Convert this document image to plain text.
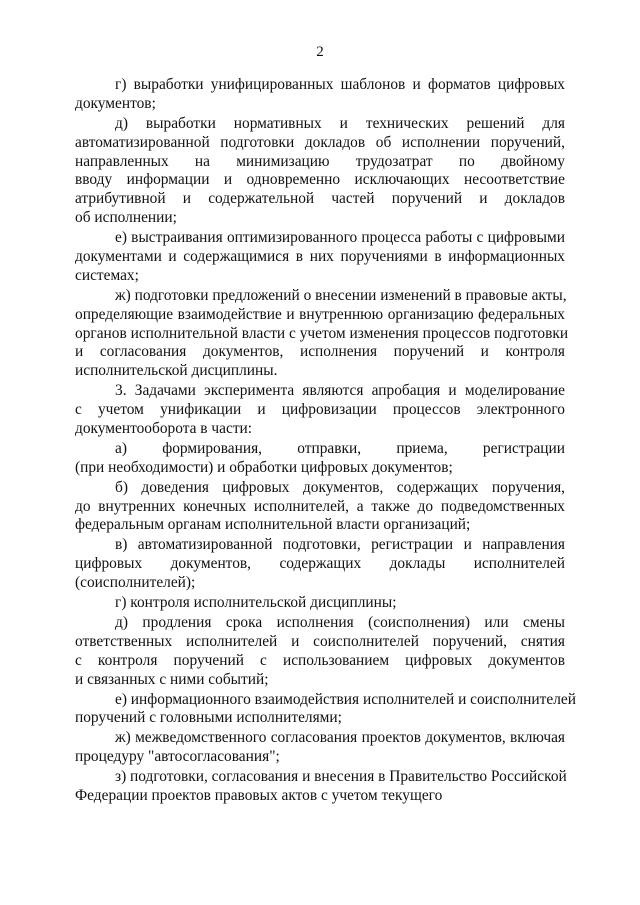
2
г) выработки унифицированных шаблонов и форматов цифровых
документов;
д) выработки нормативных и технических решений для
автоматизированной подготовки докладов об исполнении поручений,
направленных на минимизацию трудозатрат по двойному
вводу информации и одновременно исключающих несоответствие
атрибутивной и содержательной частей поручений и докладов
об исполнении;
е) выстраивания оптимизированного процесса работы с цифровыми
документами и содержащимися в них поручениями в информационных
системах;
ж) подготовки предложений о внесении изменений в правовые акты,
определяющие взаимодействие и внутреннюю организацию федеральных
органов исполнительной власти с учетом изменения процессов подготовки
и согласования документов, исполнения поручений и контроля
исполнительской дисциплины.
3. Задачами эксперимента являются апробация и моделирование
с учетом унификации и цифровизации процессов электронного
документооборота в части:
а) формирования, отправки, приема, регистрации
(при необходимости) и обработки цифровых документов;
б) доведения цифровых документов, содержащих поручения,
до внутренних конечных исполнителей, а также до подведомственных
федеральным органам исполнительной власти организаций;
в) автоматизированной подготовки, регистрации и направления
цифровых документов, содержащих доклады исполнителей
(соисполнителей);
г) контроля исполнительской дисциплины;
д) продления срока исполнения (соисполнения) или смены
ответственных исполнителей и соисполнителей поручений, снятия
с контроля поручений с использованием цифровых документов
и связанных с ними событий;
е) информационного взаимодействия исполнителей и соисполнителей
поручений с головными исполнителями;
ж) межведомственного согласования проектов документов, включая
процедуру "автосогласования";
з) подготовки, согласования и внесения в Правительство Российской
Федерации проектов правовых актов с учетом текущего
